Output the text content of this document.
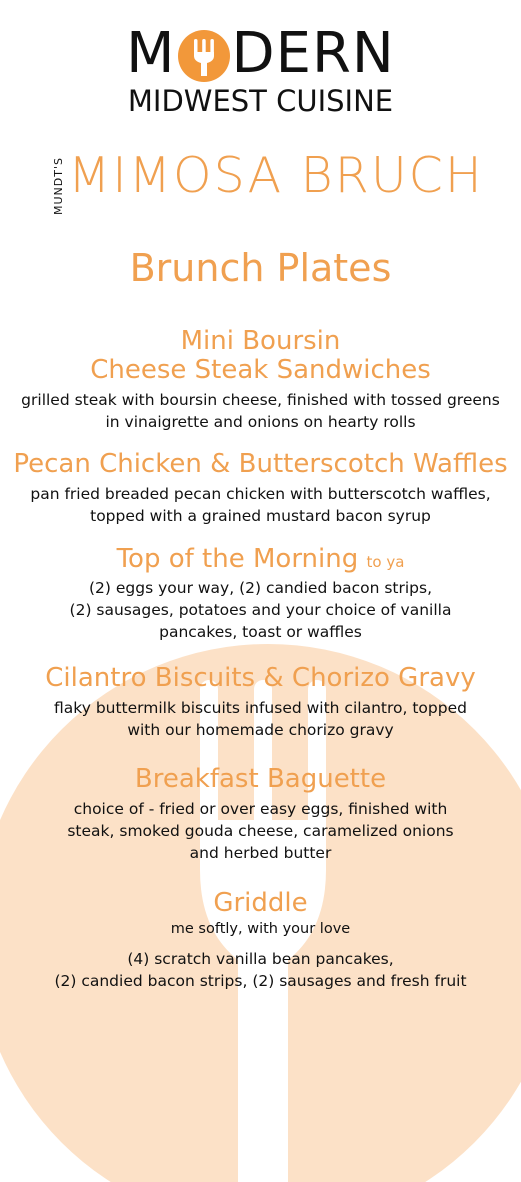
M DERN
MIDWEST CUISINE
MUNDT'S MIMOSA BRUCH
Brunch Plates

Mini Boursin

Cheese Steak Sandwiches

grilled steak with boursin cheese, finished with tossed greens

in vinaigrette and onions on hearty rolls

Pecan Chicken & Butterscotch Waffles

pan fried breaded pecan chicken with butterscotch waffles,

topped with a grained mustard bacon syrup

Top of the Morning to ya

(2) eggs your way, (2) candied bacon strips,

(2) sausages, potatoes and your choice of vanilla

pancakes, toast or waffles

Cilantro Biscuits & Chorizo Gravy

flaky buttermilk biscuits infused with cilantro, topped

with our homemade chorizo gravy

Breakfast Baguette

choice of - fried or over easy eggs, finished with

steak, smoked gouda cheese, caramelized onions

and herbed butter

Griddle

me softly, with your love

(4) scratch vanilla bean pancakes,

(2) candied bacon strips, (2) sausages and fresh fruit
